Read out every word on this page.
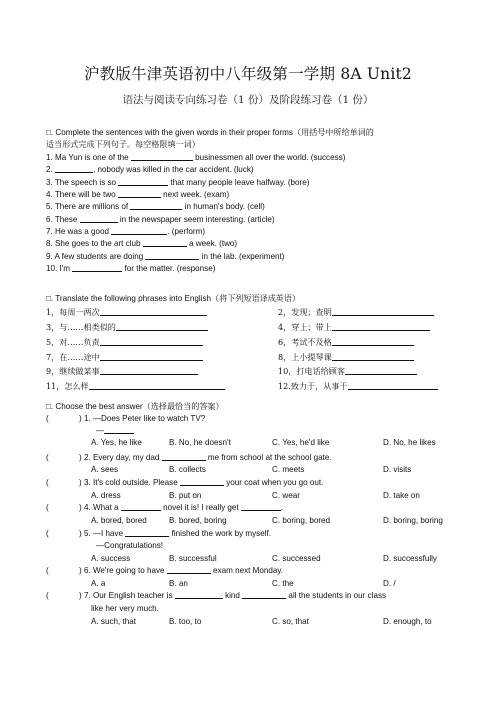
沪教版牛津英语初中八年级第一学期 8A Unit2
语法与阅读专向练习卷（1 份）及阶段练习卷（1 份）
□. Complete the sentences with the given words in their proper forms（用括号中所给单词的
适当形式完成下列句子。每空格限填一词）
1. Ma Yun is one of the	businessmen all over the world. (success)
2.	, nobody was killed in the car accident. (luck)
3. The speech is so	that many people leave halfway. (bore)
4. There will be two	next week. (exam)
5. There are millions of	in human's body. (cell)
6. These	in the newspaper seem interesting. (article)
7. He was a good	. (perform)
8. She goes to the art club	a week. (two)
9. A few students are doing	in the lab. (experiment)
10. I'm	for the matter. (response)
□. Translate the following phrases into English（将下列短语译成英语）
1，每周一两次	2，发现；查明
3，与……相类似的	4，穿上；带上
5，对……负责	6，考试不及格
7，在……途中	8，上小提琴课
9，继续做某事	10，打电话给顾客
11，怎么样	12.致力于，从事于
□. Choose the best answer（选择最恰当的答案）
(	) 1. —Does Peter like to watch TV?
—
A. Yes, he like	B. No, he doesn't	C. Yes, he'd like	D. No, he likes
(	) 2. Every day, my dad	me from school at the school gate.
A. sees	B. collects	C. meets	D. visits
(	) 3. It's cold outside. Please	your coat when you go out.
A. dress	B. put on	C. wear	D. take on
(	) 4. What a	novel it is! I really get	.
A. bored, bored	B. bored, boring	C. boring, bored	D. boring, boring
(	) 5. —I have	finished the work by myself.
—Congratulations!
A. success	B. successful	C. successed	D. successfully
(	) 6. We're going to have	exam next Monday.
A. a	B. an	C. the	D. /
(	) 7. Our English teacher is	kind	all the students in our class
like her very much.
A. such, that	B. too, to	C. so, that	D. enough, to
